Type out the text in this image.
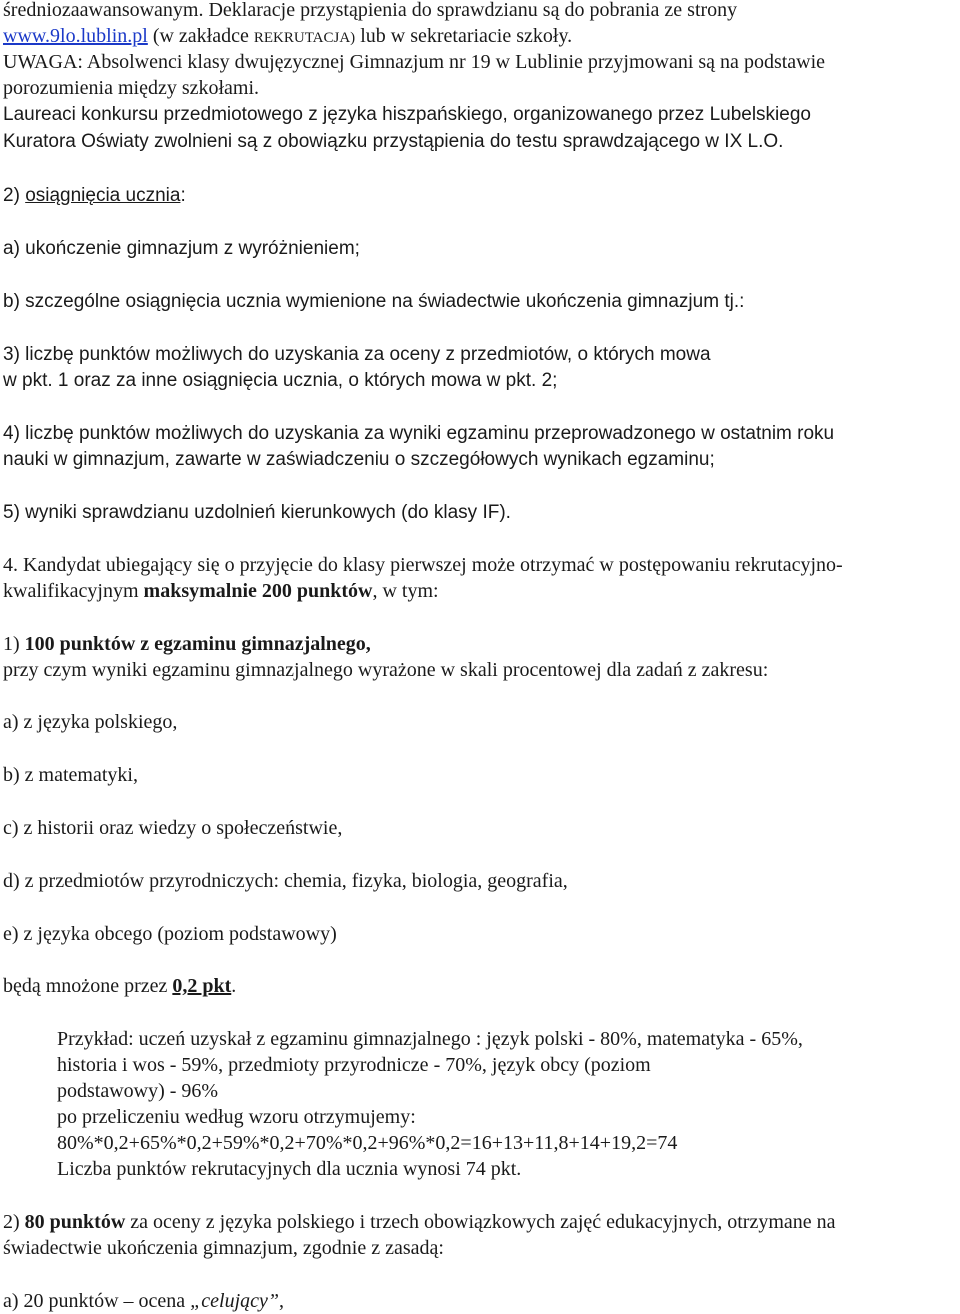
średniozaawansowanym. Deklaracje przystąpienia do sprawdzianu są do pobrania ze strony
www.9lo.lublin.pl (w zakładce REKRUTACJA) lub w sekretariacie szkoły.
UWAGA: Absolwenci klasy dwujęzycznej Gimnazjum nr 19 w Lublinie przyjmowani są na podstawie
porozumienia między szkołami.
Laureaci konkursu przedmiotowego z języka hiszpańskiego, organizowanego przez Lubelskiego
Kuratora Oświaty zwolnieni są z obowiązku przystąpienia do testu sprawdzającego w IX L.O.
2) osiągnięcia ucznia:
a) ukończenie gimnazjum z wyróżnieniem;
b) szczególne osiągnięcia ucznia wymienione na świadectwie ukończenia gimnazjum tj.:
3) liczbę punktów możliwych do uzyskania za oceny z przedmiotów, o których mowa
w pkt. 1 oraz za inne osiągnięcia ucznia, o których mowa w pkt. 2;
4) liczbę punktów możliwych do uzyskania za wyniki egzaminu przeprowadzonego w ostatnim roku
nauki w gimnazjum, zawarte w zaświadczeniu o szczegółowych wynikach egzaminu;
5) wyniki sprawdzianu uzdolnień kierunkowych (do klasy IF).
4. Kandydat ubiegający się o przyjęcie do klasy pierwszej może otrzymać w postępowaniu rekrutacyjno-
kwalifikacyjnym maksymalnie 200 punktów, w tym:
1) 100 punktów z egzaminu gimnazjalnego,
przy czym wyniki egzaminu gimnazjalnego wyrażone w skali procentowej dla zadań z zakresu:
a) z języka polskiego,
b) z matematyki,
c) z historii oraz wiedzy o społeczeństwie,
d) z przedmiotów przyrodniczych: chemia, fizyka, biologia, geografia,
e) z języka obcego (poziom podstawowy)
będą mnożone przez 0,2 pkt.
Przykład: uczeń uzyskał z egzaminu gimnazjalnego : język polski - 80%, matematyka - 65%,
historia i wos - 59%, przedmioty przyrodnicze - 70%, język obcy (poziom
podstawowy) - 96%
po przeliczeniu według wzoru otrzymujemy:
80%*0,2+65%*0,2+59%*0,2+70%*0,2+96%*0,2=16+13+11,8+14+19,2=74
Liczba punktów rekrutacyjnych dla ucznia wynosi 74 pkt.
2) 80 punktów za oceny z języka polskiego i trzech obowiązkowych zajęć edukacyjnych, otrzymane na
świadectwie ukończenia gimnazjum, zgodnie z zasadą:
a) 20 punktów – ocena „celujący”,
